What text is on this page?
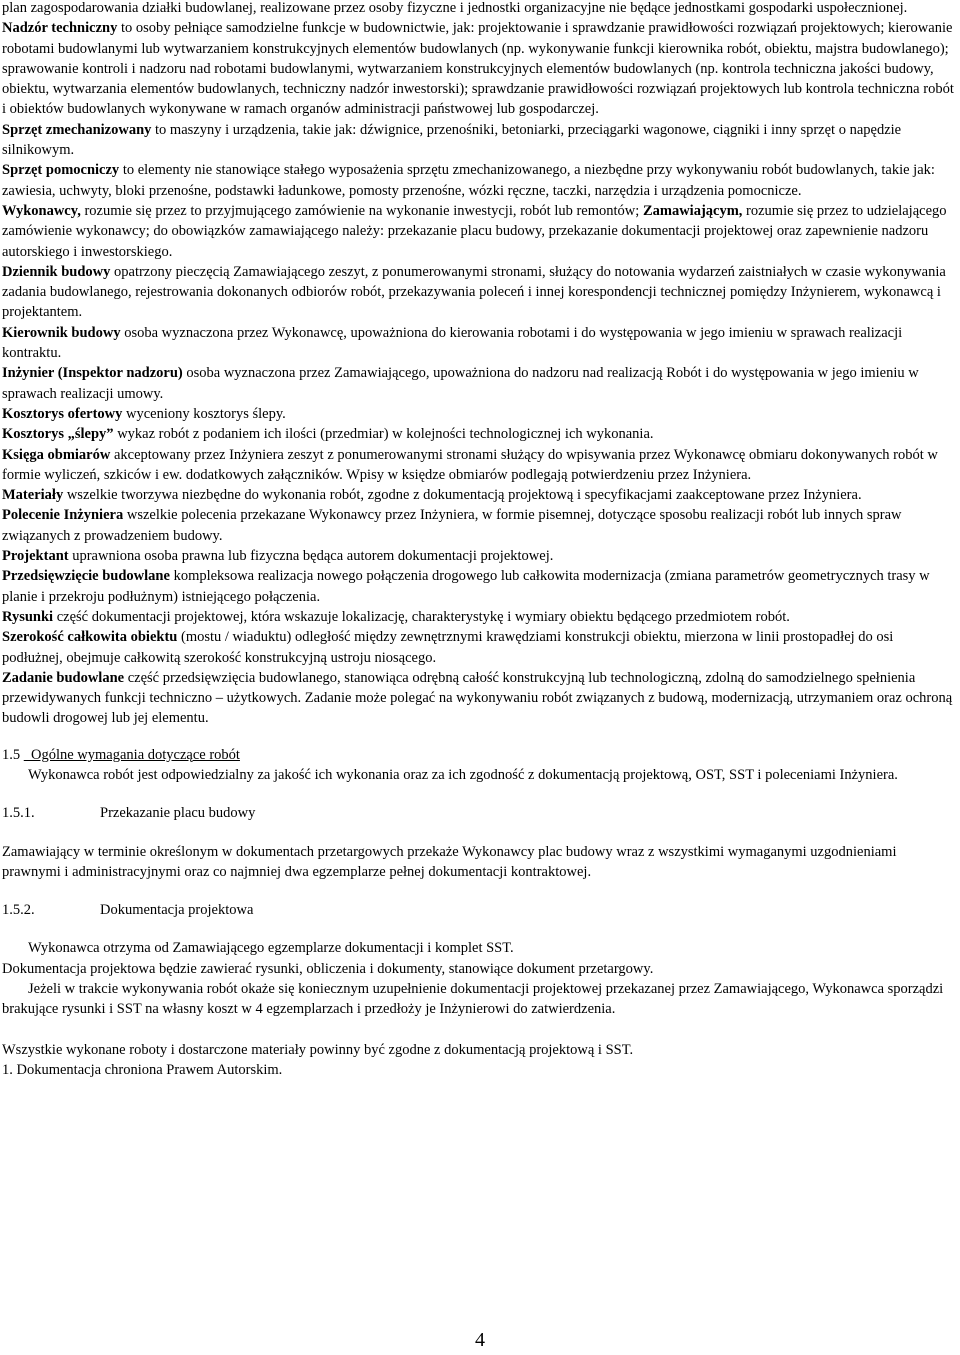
plan zagospodarowania działki budowlanej, realizowane przez osoby fizyczne i jednostki organizacyjne nie będące jednostkami gospodarki uspołecznionej.

Nadzór techniczny to osoby pełniące samodzielne funkcje w budownictwie, jak: projektowanie i sprawdzanie prawidłowości rozwiązań projektowych; kierowanie robotami budowlanymi lub wytwarzaniem konstrukcyjnych elementów budowlanych (np. wykonywanie funkcji kierownika robót, obiektu, majstra budowlanego); sprawowanie kontroli i nadzoru nad robotami budowlanymi, wytwarzaniem konstrukcyjnych elementów budowlanych (np. kontrola techniczna jakości budowy, obiektu, wytwarzania elementów budowlanych, techniczny nadzór inwestorski); sprawdzanie prawidłowości rozwiązań projektowych lub kontrola techniczna robót i obiektów budowlanych wykonywane w ramach organów administracji państwowej lub gospodarczej.

Sprzęt zmechanizowany to maszyny i urządzenia, takie jak: dźwignice, przenośniki, betoniarki, przeciągarki wagonowe, ciągniki i inny sprzęt o napędzie silnikowym.

Sprzęt pomocniczy to elementy nie stanowiące stałego wyposażenia sprzętu zmechanizowanego, a niezbędne przy wykonywaniu robót budowlanych, takie jak: zawiesia, uchwyty, bloki przenośne, podstawki ładunkowe, pomosty przenośne, wózki ręczne, taczki, narzędzia i urządzenia pomocnicze.

Wykonawcy, rozumie się przez to przyjmującego zamówienie na wykonanie inwestycji, robót lub remontów; Zamawiającym, rozumie się przez to udzielającego zamówienie wykonawcy; do obowiązków zamawiającego należy: przekazanie placu budowy, przekazanie dokumentacji projektowej oraz zapewnienie nadzoru autorskiego i inwestorskiego.

Dziennik budowy opatrzony pieczęcią Zamawiającego zeszyt, z ponumerowanymi stronami, służący do notowania wydarzeń zaistniałych w czasie wykonywania zadania budowlanego, rejestrowania dokonanych odbiorów robót, przekazywania poleceń i innej korespondencji technicznej pomiędzy Inżynierem, wykonawcą i projektantem.

Kierownik budowy osoba wyznaczona przez Wykonawcę, upoważniona do kierowania robotami i do występowania w jego imieniu w sprawach realizacji kontraktu.

Inżynier (Inspektor nadzoru) osoba wyznaczona przez Zamawiającego, upoważniona do nadzoru nad realizacją Robót i do występowania w jego imieniu w sprawach realizacji umowy.

Kosztorys ofertowy wyceniony kosztorys ślepy.

Kosztorys „ślepy” wykaz robót z podaniem ich ilości (przedmiar) w kolejności technologicznej ich wykonania.

Księga obmiarów akceptowany przez Inżyniera zeszyt z ponumerowanymi stronami służący do wpisywania przez Wykonawcę obmiaru dokonywanych robót w formie wyliczeń, szkiców i ew. dodatkowych załączników. Wpisy w księdze obmiarów podlegają potwierdzeniu przez Inżyniera.

Materiały wszelkie tworzywa niezbędne do wykonania robót, zgodne z dokumentacją projektową i specyfikacjami zaakceptowane przez Inżyniera.

Polecenie Inżyniera wszelkie polecenia przekazane Wykonawcy przez Inżyniera, w formie pisemnej, dotyczące sposobu realizacji robót lub innych spraw związanych z prowadzeniem budowy.

Projektant uprawniona osoba prawna lub fizyczna będąca autorem dokumentacji projektowej.

Przedsięwzięcie budowlane kompleksowa realizacja nowego połączenia drogowego lub całkowita modernizacja (zmiana parametrów geometrycznych trasy w planie i przekroju podłużnym) istniejącego połączenia.

Rysunki część dokumentacji projektowej, która wskazuje lokalizację, charakterystykę i wymiary obiektu będącego przedmiotem robót.

Szerokość całkowita obiektu (mostu / wiaduktu) odległość między zewnętrznymi krawędziami konstrukcji obiektu, mierzona w linii prostopadłej do osi podłużnej, obejmuje całkowitą szerokość konstrukcyjną ustroju niosącego.

Zadanie budowlane część przedsięwzięcia budowlanego, stanowiąca odrębną całość konstrukcyjną lub technologiczną, zdolną do samodzielnego spełnienia przewidywanych funkcji techniczno – użytkowych. Zadanie może polegać na wykonywaniu robót związanych z budową, modernizacją, utrzymaniem oraz ochroną budowli drogowej lub jej elementu.

1.5 Ogólne wymagania dotyczące robót

Wykonawca robót jest odpowiedzialny za jakość ich wykonania oraz za ich zgodność z dokumentacją projektową, OST, SST i poleceniami Inżyniera.

1.5.1.	Przekazanie placu budowy

Zamawiający w terminie określonym w dokumentach przetargowych przekaże Wykonawcy plac budowy wraz z wszystkimi wymaganymi uzgodnieniami prawnymi i administracyjnymi oraz co najmniej dwa egzemplarze pełnej dokumentacji kontraktowej.

1.5.2.	Dokumentacja projektowa

Wykonawca otrzyma od Zamawiającego egzemplarze dokumentacji i komplet SST.

Dokumentacja projektowa będzie zawierać rysunki, obliczenia i dokumenty, stanowiące dokument przetargowy.

Jeżeli w trakcie wykonywania robót okaże się koniecznym uzupełnienie dokumentacji projektowej przekazanej przez Zamawiającego, Wykonawca sporządzi brakujące rysunki i SST na własny koszt w 4 egzemplarzach i przedłoży je Inżynierowi do zatwierdzenia.

Wszystkie wykonane roboty i dostarczone materiały powinny być zgodne z dokumentacją projektową i SST.

1. Dokumentacja chroniona Prawem Autorskim.

4
